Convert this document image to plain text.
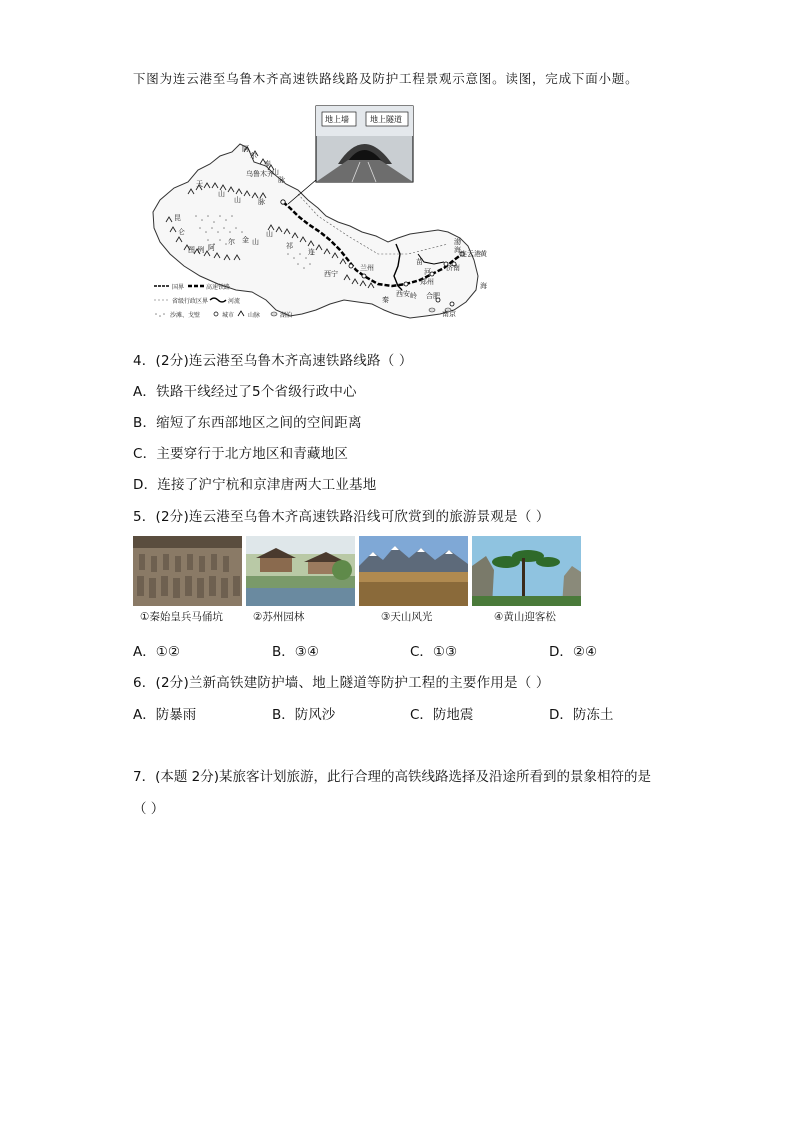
下图为连云港至乌鲁木齐高速铁路线路及防护工程景观示意图。读图，完成下面小题。
阿
尔
泰
山
脉
天
山
乌鲁木齐
山 脉
昆
仑
阿
尔 金 山
山
祁
连
西宁
兰州
西安
郑州
济南
连云港
合肥
南京
渤
海	黄
海
秦	岭
苗
河
图 例
国界	高速铁路
省级行政区界	河流
沙滩、戈壁	城市 山脉	湖泊
地上墙	地上隧道
4．(2分)连云港至乌鲁木齐高速铁路线路（ ）
A．铁路干线经过了5个省级行政中心
B．缩短了东西部地区之间的空间距离
C．主要穿行于北方地区和青藏地区
D．连接了沪宁杭和京津唐两大工业基地
5．(2分)连云港至乌鲁木齐高速铁路沿线可欣赏到的旅游景观是（ ）
①秦始皇兵马俑坑	②苏州园林	③天山风光	④黄山迎客松
A．①②	B．③④	C．①③	D．②④
6．(2分)兰新高铁建防护墙、地上隧道等防护工程的主要作用是（ ）
A．防暴雨	B．防风沙	C．防地震	D．防冻土
7．(本题 2分)某旅客计划旅游，此行合理的高铁线路选择及沿途所看到的景象相符的是
（ ）
